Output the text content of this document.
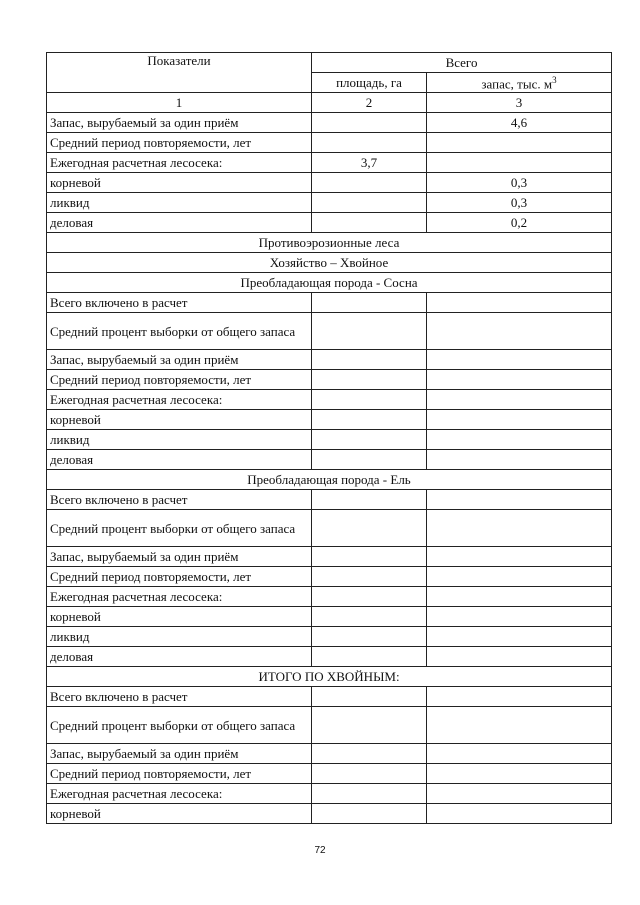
Показатели	Всего	
	площадь, га	запас, тыс. $м^3$
1	2	3
Запас, вырубаемый за один приём		4,6
Средний период повторяемости, лет		
Ежегодная расчетная лесосека:	3,7	
корневой		0,3
ликвид		0,3
деловая		0,2
Противоэрозионные леса		
Хозяйство – Хвойное		
Преобладающая порода - Сосна		
Всего включено в расчет		
Средний процент выборки от общего запаса		
Запас, вырубаемый за один приём		
Средний период повторяемости, лет		
Ежегодная расчетная лесосека:		
корневой		
ликвид		
деловая		
Преобладающая порода - Ель		
Всего включено в расчет		
Средний процент выборки от общего запаса		
Запас, вырубаемый за один приём		
Средний период повторяемости, лет		
Ежегодная расчетная лесосека:		
корневой		
ликвид		
деловая		
ИТОГО ПО ХВОЙНЫМ:		
Всего включено в расчет		
Средний процент выборки от общего запаса		
Запас, вырубаемый за один приём		
Средний период повторяемости, лет		
Ежегодная расчетная лесосека:		
корневой		
72
